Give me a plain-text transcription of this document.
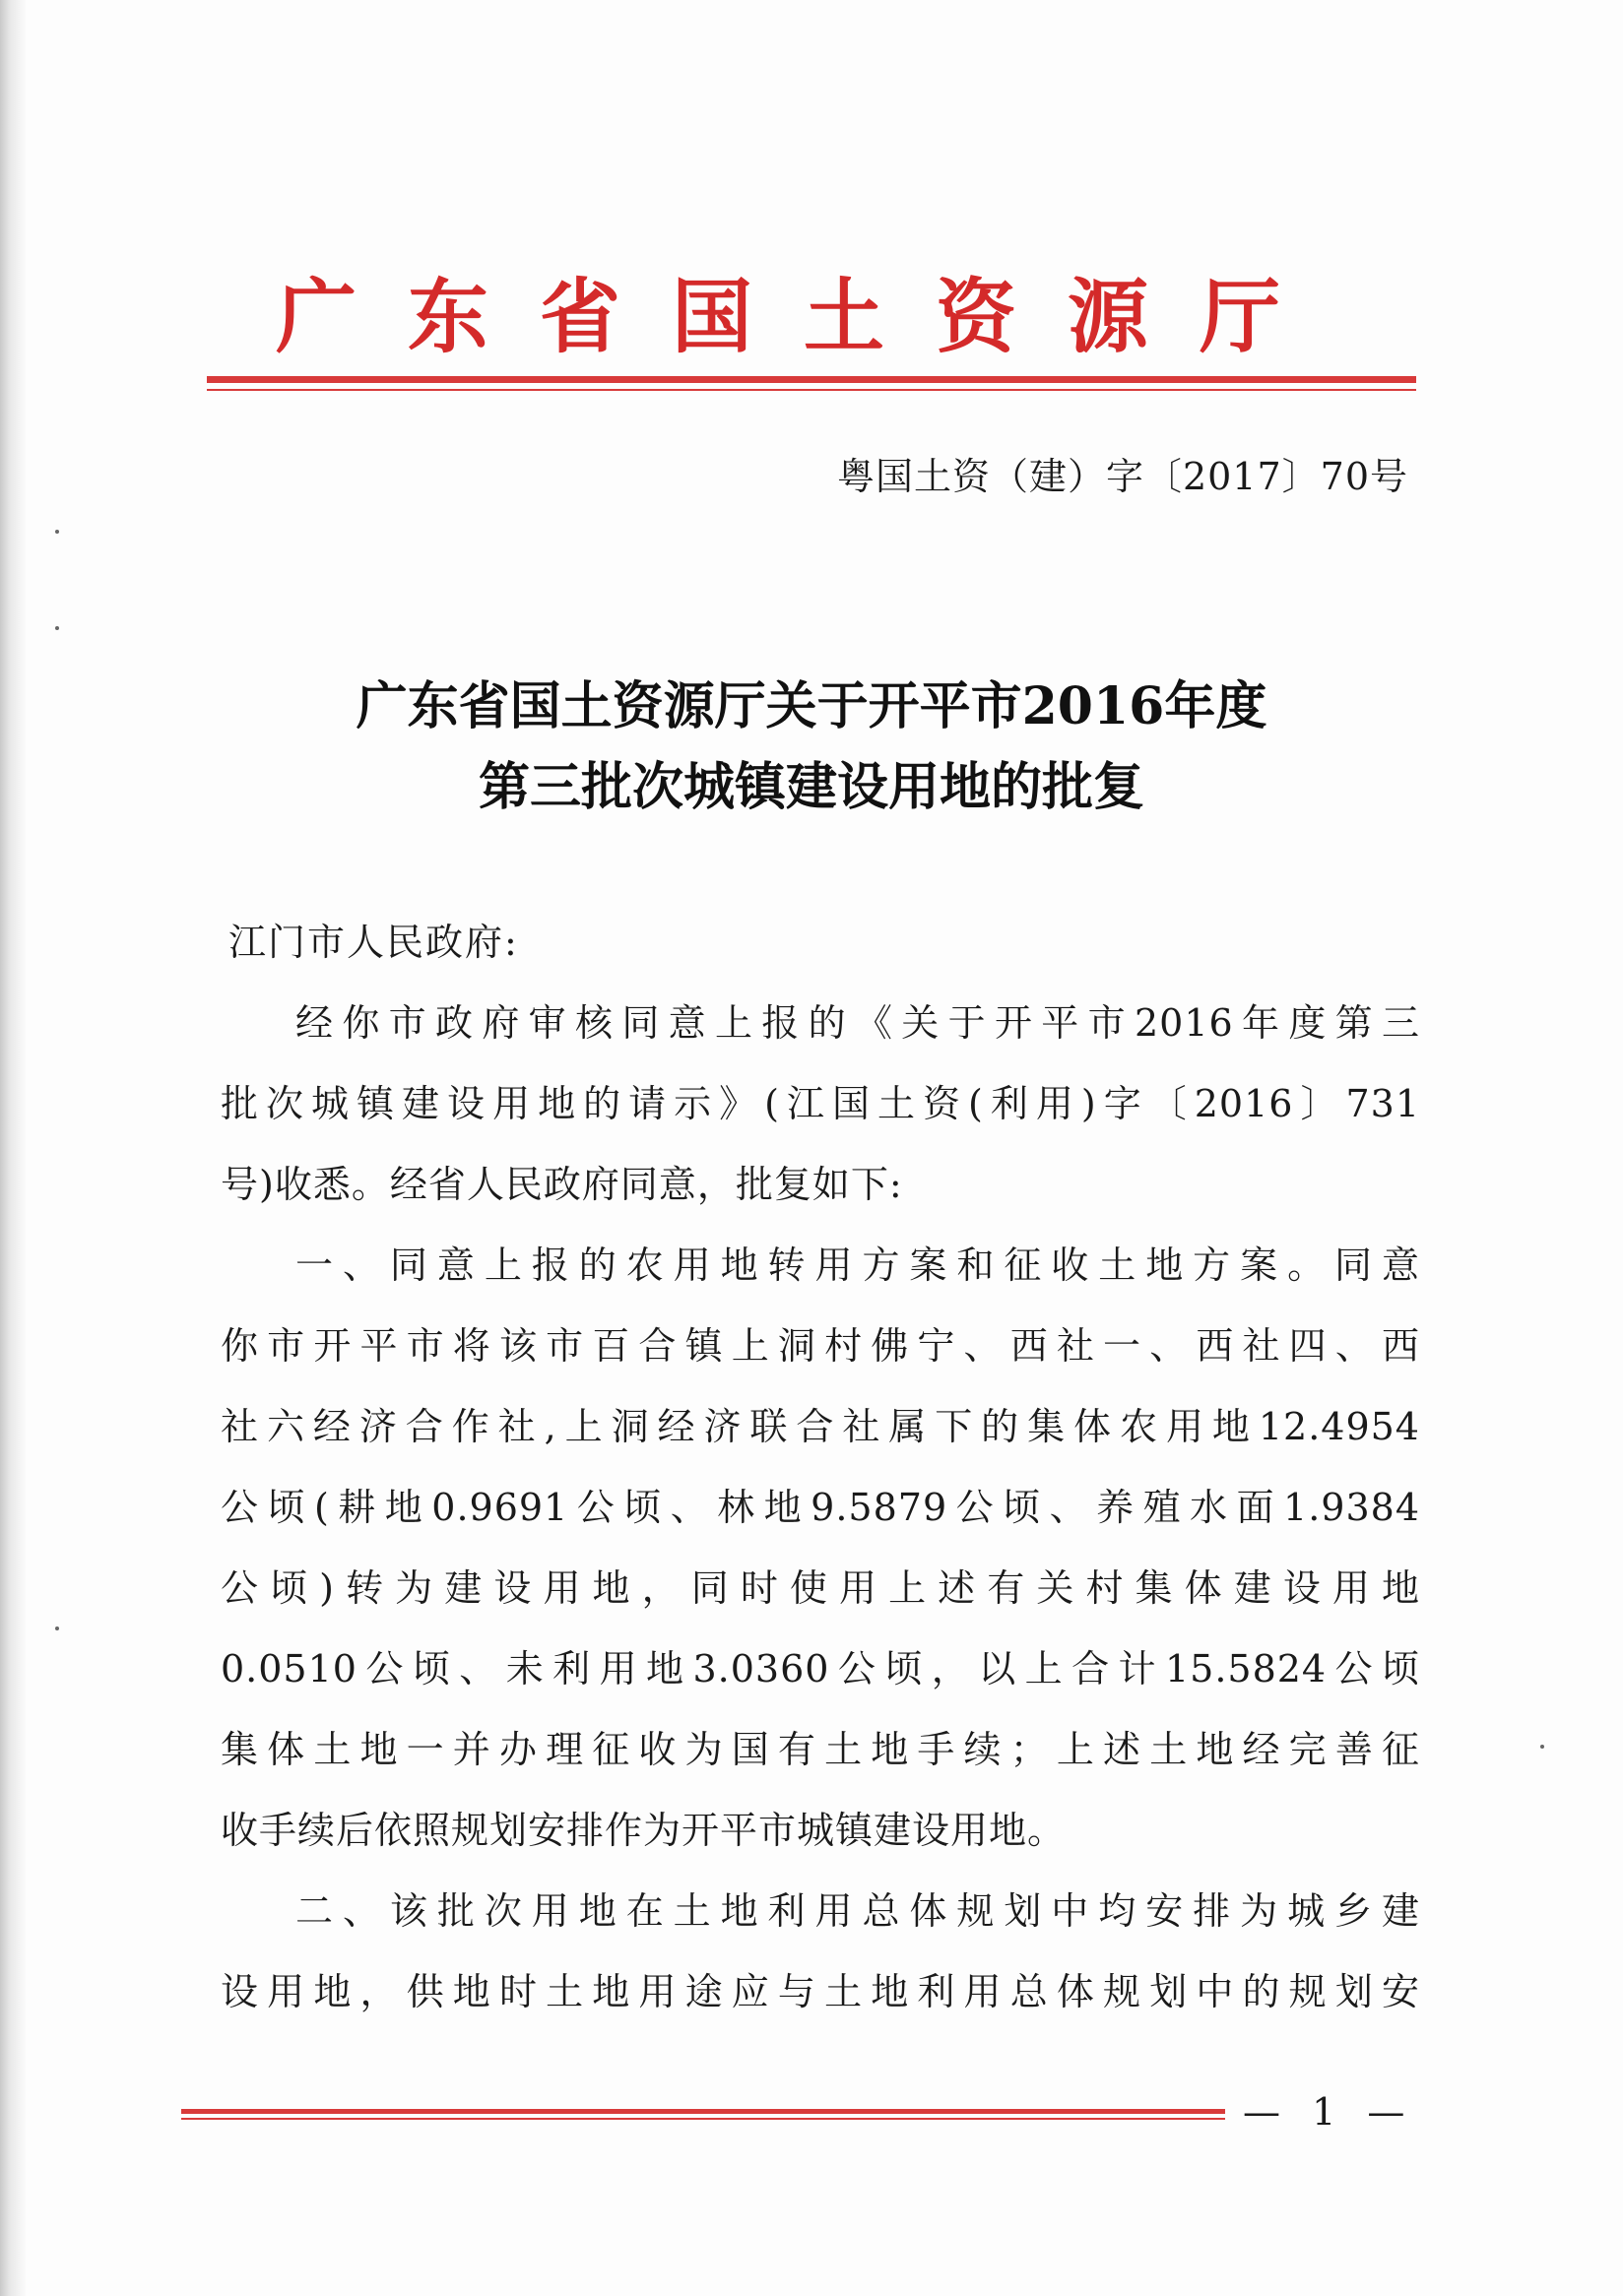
广东省国土资源厅
粤国土资（建）字〔2017〕70号
广东省国土资源厅关于开平市2016年度
第三批次城镇建设用地的批复
江门市人民政府:
经你市政府审核同意上报的《关于开平市2016年度第三
批次城镇建设用地的请示》(江国土资(利用)字〔2016〕731
号)收悉。经省人民政府同意，批复如下:
一、同意上报的农用地转用方案和征收土地方案。同意
你市开平市将该市百合镇上洞村佛宁、西社一、西社四、西
社六经济合作社,上洞经济联合社属下的集体农用地12.4954
公顷(耕地0.9691公顷、林地9.5879公顷、养殖水面1.9384
公顷)转为建设用地，同时使用上述有关村集体建设用地
0.0510公顷、未利用地3.0360公顷，以上合计15.5824公顷
集体土地一并办理征收为国有土地手续；上述土地经完善征
收手续后依照规划安排作为开平市城镇建设用地。
二、该批次用地在土地利用总体规划中均安排为城乡建
设用地，供地时土地用途应与土地利用总体规划中的规划安
— 1 —
